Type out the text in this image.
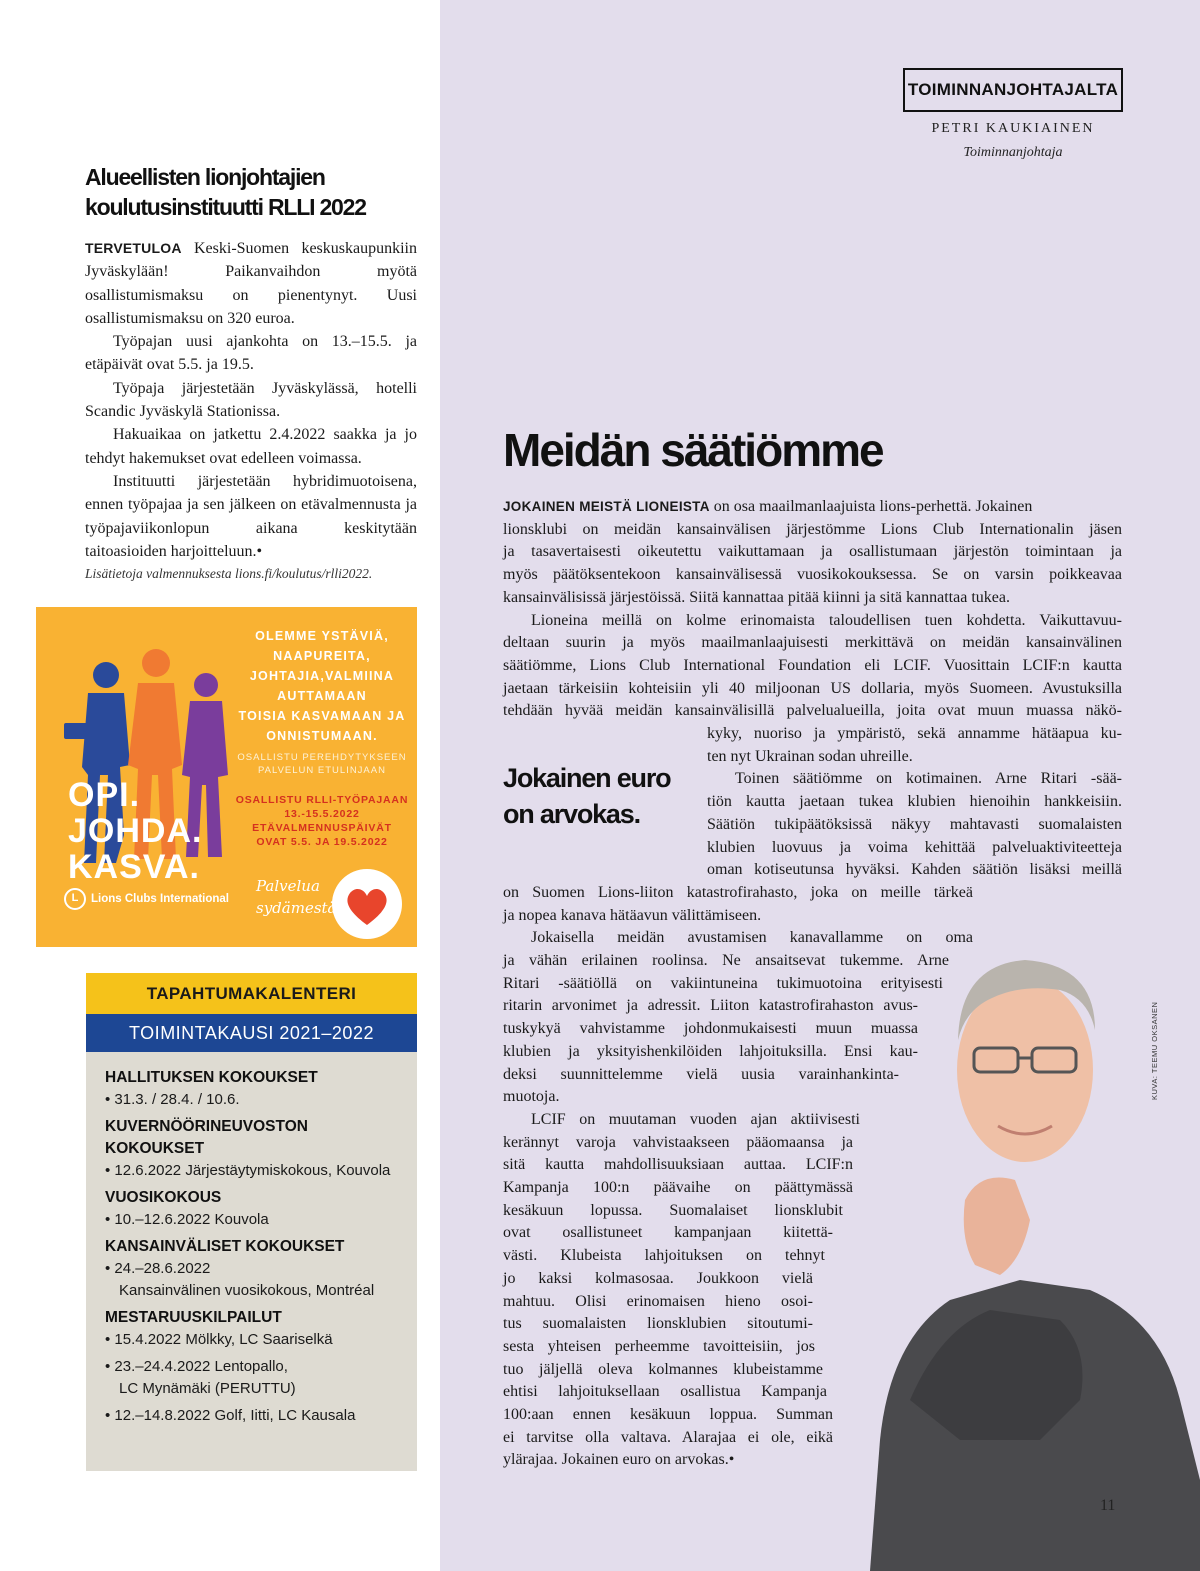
Alueellisten lionjohtajien
koulutusinstituutti RLLI 2022

TERVETULOA Keski-Suomen keskuskaupunkiin Jyväskylään! Paikanvaihdon myötä osallistumismaksu on pienentynyt. Uusi osallistumismaksu on 320 euroa.

Työpajan uusi ajankohta on 13.–15.5. ja etäpäivät ovat 5.5. ja 19.5.

Työpaja järjestetään Jyväskylässä, hotelli Scandic Jyväskylä Stationissa.

Hakuaikaa on jatkettu 2.4.2022 saakka ja jo tehdyt hakemukset ovat edelleen voimassa.

Instituutti järjestetään hybridimuotoisena, ennen työpajaa ja sen jälkeen on etävalmennusta ja työpajaviikonlopun aikana keskitytään taitoasioiden harjoitteluun.•

Lisätietoja valmennuksesta lions.fi/koulutus/rlli2022.
OLEMME YSTÄVIÄ,
NAAPUREITA,
JOHTAJIA,VALMIINA
AUTTAMAAN
TOISIA KASVAMAAN JA
ONNISTUMAAN.
OSALLISTU PEREHDYTYKSEEN
PALVELUN ETULINJAAN
OSALLISTU RLLI-TYÖPAJAAN
13.-15.5.2022
ETÄVALMENNUSPÄIVÄT
OVAT 5.5. JA 19.5.2022
OPI.
JOHDA.
KASVA.
L Lions Clubs International
Palvelua
sydämestä
TAPAHTUMAKALENTERI
TOIMINTAKAUSI 2021–2022
HALLITUKSEN KOKOUKSET
• 31.3. / 28.4. / 10.6.
KUVERNÖÖRINEUVOSTON
KOKOUKSET
• 12.6.2022 Järjestäytymiskokous, Kouvola
VUOSIKOKOUS
• 10.–12.6.2022 Kouvola
KANSAINVÄLISET KOKOUKSET
• 24.–28.6.2022
Kansainvälinen vuosikokous, Montréal
MESTARUUSKILPAILUT
• 15.4.2022 Mölkky, LC Saariselkä
• 23.–24.4.2022 Lentopallo,
LC Mynämäki (PERUTTU)
• 12.–14.8.2022 Golf, Iitti, LC Kausala
TOIMINNANJOHTAJALTA
PETRI KAUKIAINEN
Toiminnanjohtaja
Meidän säätiömme
Jokainen euro
on arvokas.
JOKAINEN MEISTÄ LIONEISTA on osa maailmanlaajuista lions-perhettä. Jokainen
lionsklubi on meidän kansainvälisen järjestömme Lions Club Internationalin jäsen
ja tasavertaisesti oikeutettu vaikuttamaan ja osallistumaan järjestön toimintaan ja
myös päätöksentekoon kansainvälisessä vuosikokouksessa. Se on varsin poikkeavaa
kansainvälisissä järjestöissä. Siitä kannattaa pitää kiinni ja sitä kannattaa tukea.
Lioneina meillä on kolme erinomaista taloudellisen tuen kohdetta. Vaikuttavuu-
deltaan suurin ja myös maailmanlaajuisesti merkittävä on meidän kansainvälinen
säätiömme, Lions Club International Foundation eli LCIF. Vuosittain LCIF:n kautta
jaetaan tärkeisiin kohteisiin yli 40 miljoonan US dollaria, myös Suomeen. Avustuksilla
tehdään hyvää meidän kansainvälisillä palvelualueilla, joita ovat muun muassa näkö-
kyky, nuoriso ja ympäristö, sekä annamme hätäapua ku-
ten nyt Ukrainan sodan uhreille.
Toinen säätiömme on kotimainen. Arne Ritari -sää-
tiön kautta jaetaan tukea klubien hienoihin hankkeisiin.
Säätiön tukipäätöksissä näkyy mahtavasti suomalaisten
klubien luovuus ja voima kehittää palveluaktiviteetteja
oman kotiseutunsa hyväksi. Kahden säätiön lisäksi meillä
on Suomen Lions-liiton katastrofirahasto, joka on meille tärkeä
ja nopea kanava hätäavun välittämiseen.
Jokaisella meidän avustamisen kanavallamme on oma
ja vähän erilainen roolinsa. Ne ansaitsevat tukemme. Arne
Ritari -säätiöllä on vakiintuneina tukimuotoina erityisesti
ritarin arvonimet ja adressit. Liiton katastrofirahaston avus-
tuskykyä vahvistamme johdonmukaisesti muun muassa
klubien ja yksityishenkilöiden lahjoituksilla. Ensi kau-
deksi suunnittelemme vielä uusia varainhankinta-
muotoja.
LCIF on muutaman vuoden ajan aktiivisesti
kerännyt varoja vahvistaakseen pääomaansa ja
sitä kautta mahdollisuuksiaan auttaa. LCIF:n
Kampanja 100:n päävaihe on päättymässä
kesäkuun lopussa. Suomalaiset lionsklubit
ovat osallistuneet kampanjaan kiitettä-
västi. Klubeista lahjoituksen on tehnyt
jo kaksi kolmasosaa. Joukkoon vielä
mahtuu. Olisi erinomaisen hieno osoi-
tus suomalaisten lionsklubien sitoutumi-
sesta yhteisen perheemme tavoitteisiin, jos
tuo jäljellä oleva kolmannes klubeistamme
ehtisi lahjoituksellaan osallistua Kampanja
100:aan ennen kesäkuun loppua. Summan
ei tarvitse olla valtava. Alarajaa ei ole, eikä
ylärajaa. Jokainen euro on arvokas.•
KUVA: TEEMU OKSANEN
11
